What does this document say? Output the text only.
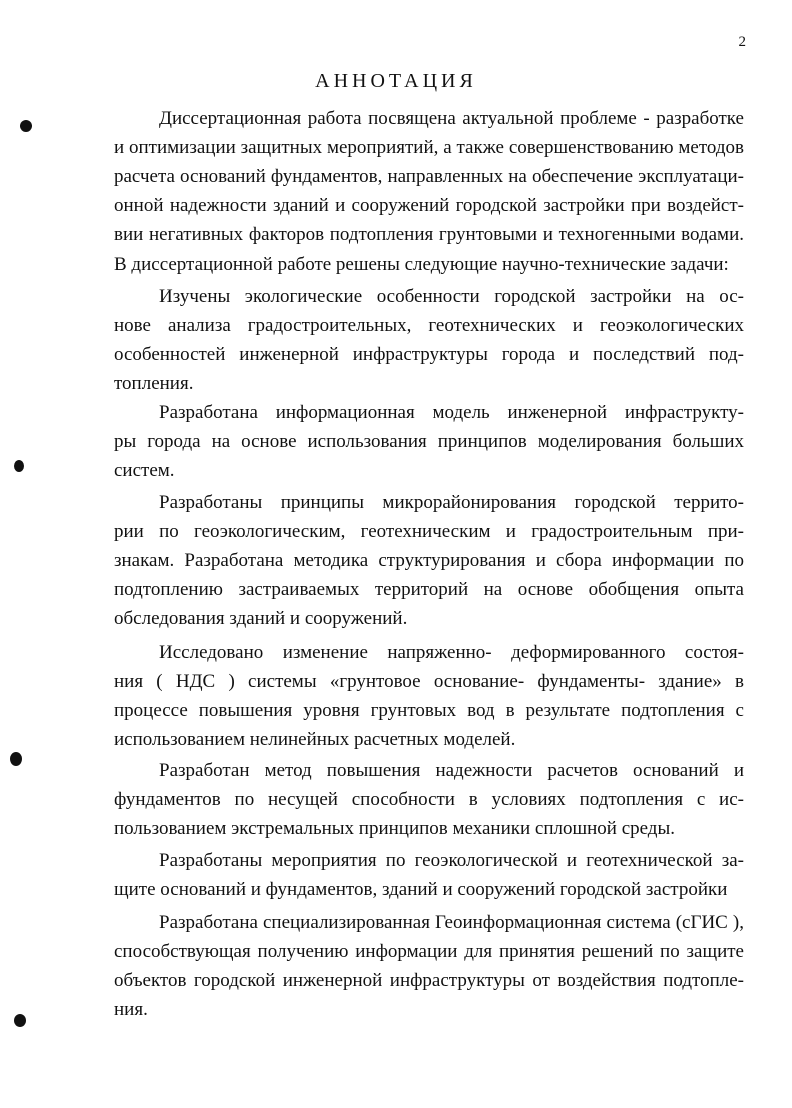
2
АННОТАЦИЯ
Диссертационная работа посвящена актуальной проблеме - разработке
и оптимизации защитных мероприятий, а также совершенствованию методов
расчета оснований фундаментов, направленных на обеспечение эксплуатаци-
онной надежности зданий и сооружений городской застройки при воздейст-
вии негативных факторов подтопления грунтовыми и техногенными водами.
В диссертационной работе решены следующие научно-технические задачи:
Изучены экологические особенности городской застройки на ос-
нове анализа градостроительных, геотехнических и геоэкологических
особенностей инженерной инфраструктуры города и последствий под-
топления.
Разработана информационная модель инженерной инфраструкту-
ры города на основе использования принципов моделирования больших
систем.
Разработаны принципы микрорайонирования городской террито-
рии по геоэкологическим, геотехническим и градостроительным при-
знакам. Разработана методика структурирования и сбора информации по
подтоплению застраиваемых территорий на основе обобщения опыта
обследования зданий и сооружений.
Исследовано изменение напряженно- деформированного состоя-
ния ( НДС ) системы «грунтовое основание- фундаменты- здание» в
процессе повышения уровня грунтовых вод в результате подтопления с
использованием нелинейных расчетных моделей.
Разработан метод повышения надежности расчетов оснований и
фундаментов по несущей способности в условиях подтопления с ис-
пользованием экстремальных принципов механики сплошной среды.
Разработаны мероприятия по геоэкологической и геотехнической за-
щите оснований и фундаментов, зданий и сооружений городской застройки
Разработана специализированная Геоинформационная система (сГИС ),
способствующая получению информации для принятия решений по защите
объектов городской инженерной инфраструктуры от воздействия подтопле-
ния.
